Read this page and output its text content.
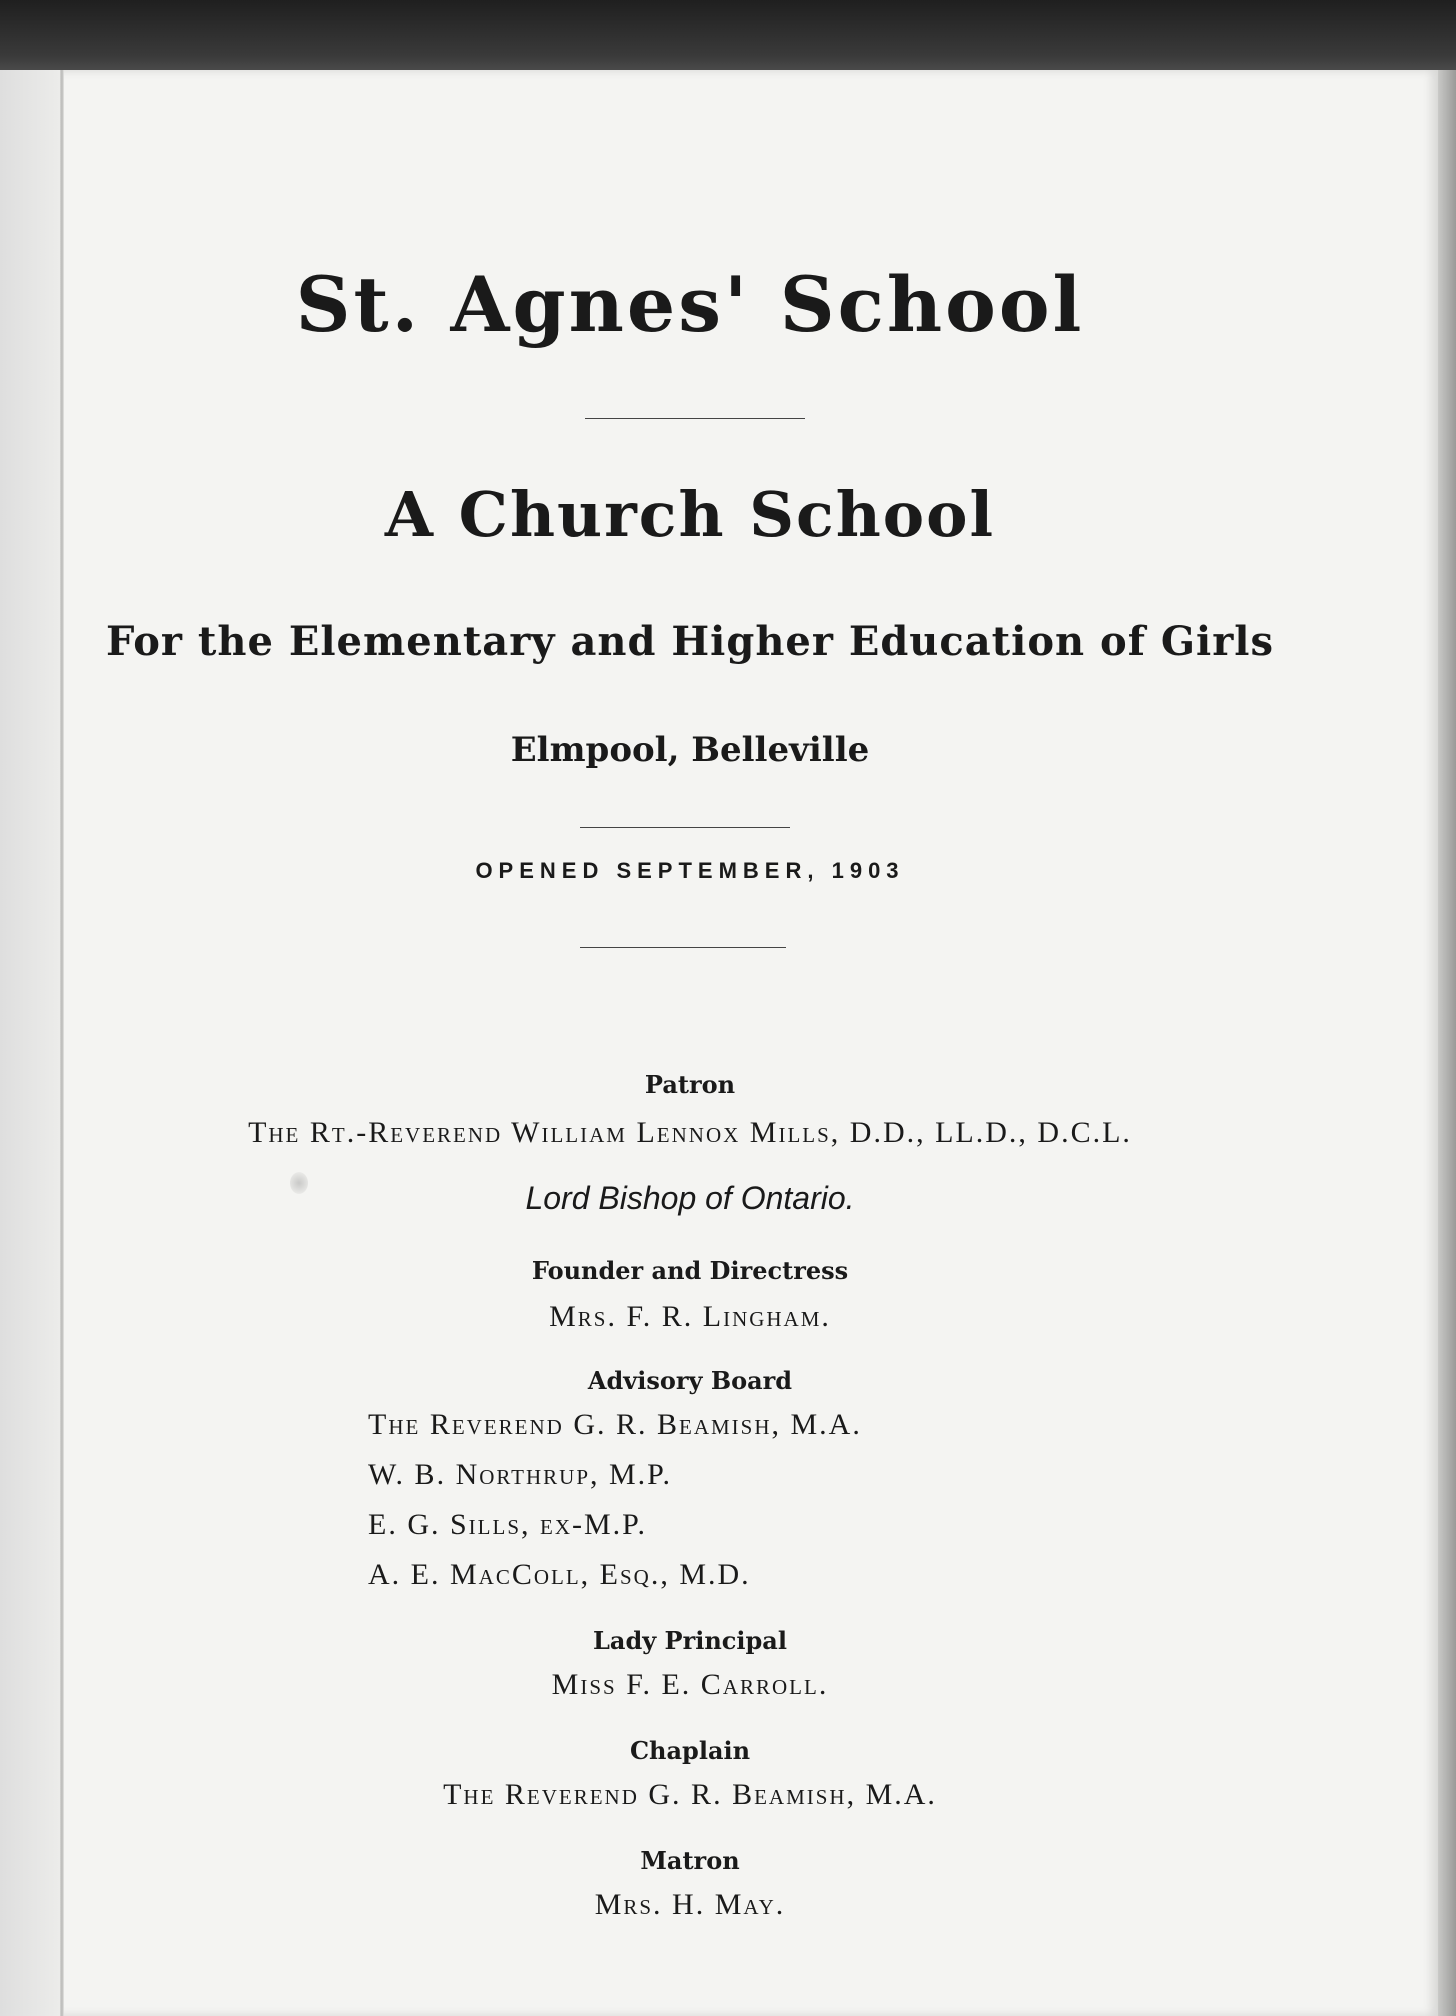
St. Agnes' School
A Church School
For the Elementary and Higher Education of Girls
Elmpool, Belleville
OPENED SEPTEMBER, 1903
Patron
The Rt.-Reverend William Lennox Mills, D.D., LL.D., D.C.L.
Lord Bishop of Ontario.
Founder and Directress
Mrs. F. R. Lingham.
Advisory Board
The Reverend G. R. Beamish, M.A.
W. B. Northrup, M.P.
E. G. Sills, ex-M.P.
A. E. MacColl, Esq., M.D.
Lady Principal
Miss F. E. Carroll.
Chaplain
The Reverend G. R. Beamish, M.A.
Matron
Mrs. H. May.
